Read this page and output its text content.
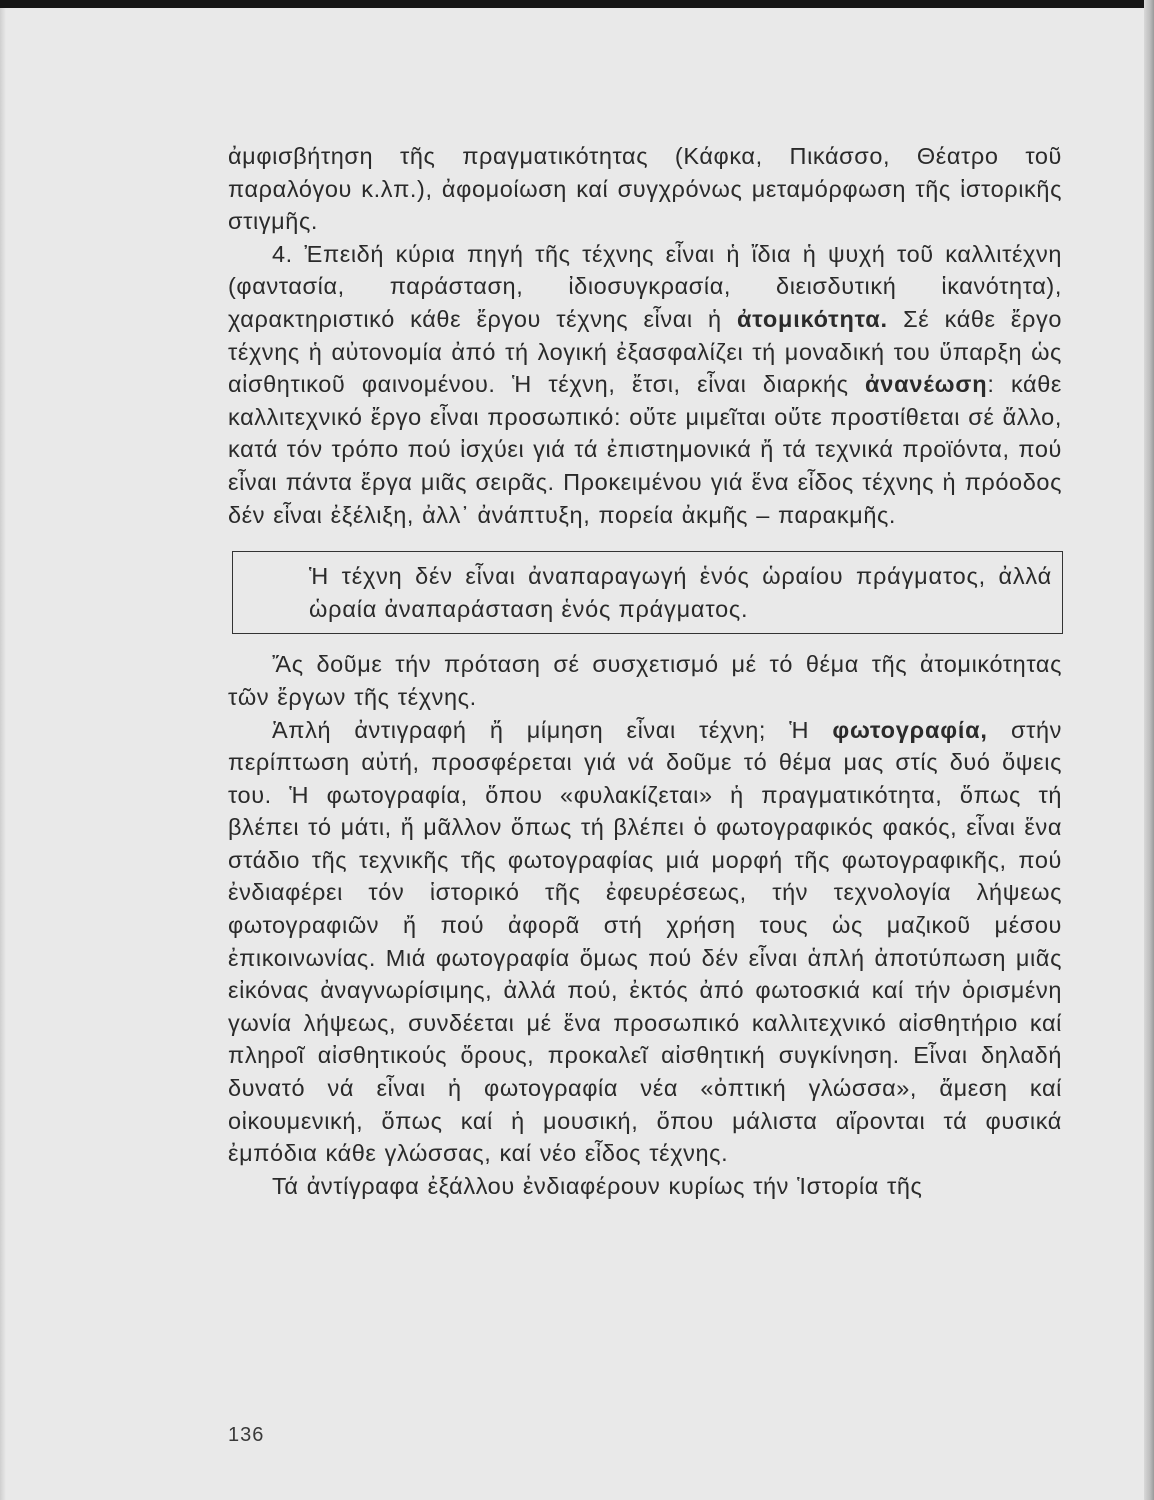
ἀμφισβήτηση τῆς πραγματικότητας (Κάφκα, Πικάσσο, Θέατρο τοῦ παραλόγου κ.λπ.), ἀφομοίωση καί συγχρόνως μεταμόρφωση τῆς ἱστορικῆς στιγμῆς.

4. Ἐπειδή κύρια πηγή τῆς τέχνης εἶναι ἡ ἴδια ἡ ψυχή τοῦ καλλιτέχνη (φαντασία, παράσταση, ἰδιοσυγκρασία, διεισδυτική ἱκανότητα), χαρακτηριστικό κάθε ἔργου τέχνης εἶναι ἡ ἀτομικότητα. Σέ κάθε ἔργο τέχνης ἡ αὐτονομία ἀπό τή λογική ἐξασφαλίζει τή μοναδική του ὕπαρξη ὡς αἰσθητικοῦ φαινομένου. Ἡ τέχνη, ἔτσι, εἶναι διαρκής ἀνανέωση: κάθε καλλιτεχνικό ἔργο εἶναι προσωπικό: οὔτε μιμεῖται οὔτε προστίθεται σέ ἄλλο, κατά τόν τρόπο πού ἰσχύει γιά τά ἐπιστημονικά ἤ τά τεχνικά προϊόντα, πού εἶναι πάντα ἔργα μιᾶς σειρᾶς. Προκειμένου γιά ἕνα εἶδος τέχνης ἡ πρόοδος δέν εἶναι ἐξέλιξη, ἀλλ᾽ ἀνάπτυξη, πορεία ἀκμῆς – παρακμῆς.

Ἡ τέχνη δέν εἶναι ἀναπαραγωγή ἑνός ὡραίου πράγματος, ἀλλά ὡραία ἀναπαράσταση ἑνός πράγματος.

Ἄς δοῦμε τήν πρόταση σέ συσχετισμό μέ τό θέμα τῆς ἀτομικότητας τῶν ἔργων τῆς τέχνης.

Ἁπλή ἀντιγραφή ἤ μίμηση εἶναι τέχνη; Ἡ φωτογραφία, στήν περίπτωση αὐτή, προσφέρεται γιά νά δοῦμε τό θέμα μας στίς δυό ὄψεις του. Ἡ φωτογραφία, ὅπου «φυλακίζεται» ἡ πραγματικότητα, ὅπως τή βλέπει τό μάτι, ἤ μᾶλλον ὅπως τή βλέπει ὁ φωτογραφικός φακός, εἶναι ἕνα στάδιο τῆς τεχνικῆς τῆς φωτογραφίας μιά μορφή τῆς φωτογραφικῆς, πού ἐνδιαφέρει τόν ἱστορικό τῆς ἐφευρέσεως, τήν τεχνολογία λήψεως φωτογραφιῶν ἤ πού ἀφορᾶ στή χρήση τους ὡς μαζικοῦ μέσου ἐπικοινωνίας. Μιά φωτογραφία ὅμως πού δέν εἶναι ἁπλή ἀποτύπωση μιᾶς εἰκόνας ἀναγνωρίσιμης, ἀλλά πού, ἐκτός ἀπό φωτοσκιά καί τήν ὁρισμένη γωνία λήψεως, συνδέεται μέ ἕνα προσωπικό καλλιτεχνικό αἰσθητήριο καί πληροῖ αἰσθητικούς ὅρους, προκαλεῖ αἰσθητική συγκίνηση. Εἶναι δηλαδή δυνατό νά εἶναι ἡ φωτογραφία νέα «ὀπτική γλώσσα», ἄμεση καί οἰκουμενική, ὅπως καί ἡ μουσική, ὅπου μάλιστα αἴρονται τά φυσικά ἐμπόδια κάθε γλώσσας, καί νέο εἶδος τέχνης.

Τά ἀντίγραφα ἐξάλλου ἐνδιαφέρουν κυρίως τήν Ἱστορία τῆς

136
